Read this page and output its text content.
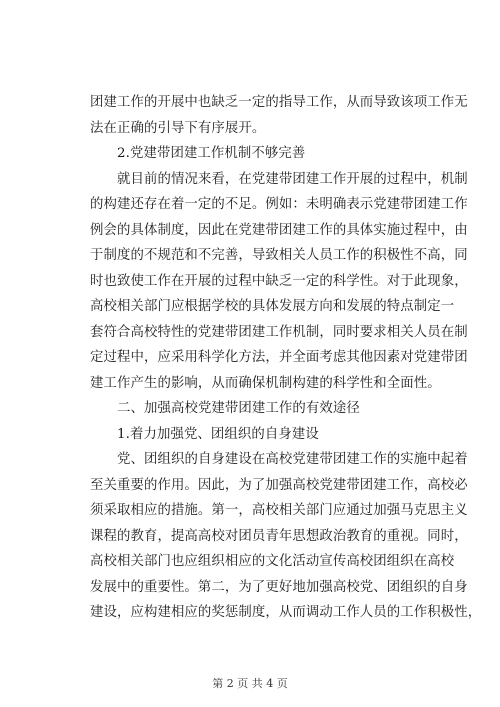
团建工作的开展中也缺乏一定的指导工作，从而导致该项工作无
法在正确的引导下有序展开。
2.党建带团建工作机制不够完善
就目前的情况来看，在党建带团建工作开展的过程中，机制
的构建还存在着一定的不足。例如：未明确表示党建带团建工作
例会的具体制度，因此在党建带团建工作的具体实施过程中，由
于制度的不规范和不完善，导致相关人员工作的积极性不高，同
时也致使工作在开展的过程中缺乏一定的科学性。对于此现象，
高校相关部门应根据学校的具体发展方向和发展的特点制定一
套符合高校特性的党建带团建工作机制，同时要求相关人员在制
定过程中，应采用科学化方法，并全面考虑其他因素对党建带团
建工作产生的影响，从而确保机制构建的科学性和全面性。
二、加强高校党建带团建工作的有效途径
1.着力加强党、团组织的自身建设
党、团组织的自身建设在高校党建带团建工作的实施中起着
至关重要的作用。因此，为了加强高校党建带团建工作，高校必
须采取相应的措施。第一，高校相关部门应通过加强马克思主义
课程的教育，提高高校对团员青年思想政治教育的重视。同时，
高校相关部门也应组织相应的文化活动宣传高校团组织在高校
发展中的重要性。第二，为了更好地加强高校党、团组织的自身
建设，应构建相应的奖惩制度，从而调动工作人员的工作积极性，
第 2 页 共 4 页
